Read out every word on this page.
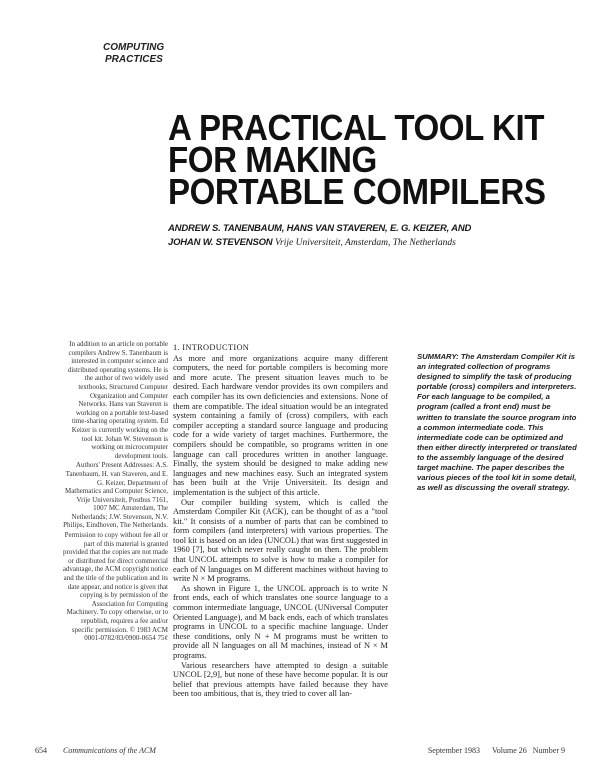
COMPUTING
PRACTICES
A PRACTICAL TOOL KIT
FOR MAKING
PORTABLE COMPILERS
ANDREW S. TANENBAUM, HANS VAN STAVEREN, E. G. KEIZER, AND
JOHAN W. STEVENSON Vrije Universiteit, Amsterdam, The Netherlands

In addition to an article on portable compilers Andrew S. Tanenbaum is interested in computer science and distributed operating systems. He is the author of two widely used textbooks, Structured Computer Organization and Computer Networks. Hans van Staveren is working on a portable text-based time-sharing operating system. Ed Keizer is currently working on the tool kit. Johan W. Stevenson is working on microcomputer development tools.

Authors' Present Addresses: A.S. Tanenbaum, H. van Staveren, and E. G. Keizer, Department of Mathematics and Computer Science, Vrije Universiteit, Postbus 7161, 1007 MC Amsterdam, The Netherlands; J.W. Stevenson, N.V. Philips, Eindhoven, The Netherlands.

Permission to copy without fee all or part of this material is granted provided that the copies are not made or distributed for direct commercial advantage, the ACM copyright notice and the title of the publication and its date appear, and notice is given that copying is by permission of the Association for Computing Machinery. To copy otherwise, or to republish, requires a fee and/or specific permission. © 1983 ACM 0001-0782/83/0900-0654 75¢

1. INTRODUCTION

As more and more organizations acquire many different computers, the need for portable compilers is becoming more and more acute. The present situation leaves much to be desired. Each hardware vendor provides its own compilers and each compiler has its own deficiencies and extensions. None of them are compatible. The ideal situation would be an integrated system containing a family of (cross) compilers, with each compiler accepting a standard source language and producing code for a wide variety of target machines. Furthermore, the compilers should be compatible, so programs written in one language can call procedures written in another language. Finally, the system should be designed to make adding new languages and new machines easy. Such an integrated system has been built at the Vrije Universiteit. Its design and implementation is the subject of this article.

Our compiler building system, which is called the Amsterdam Compiler Kit (ACK), can be thought of as a "tool kit." It consists of a number of parts that can be combined to form compilers (and interpreters) with various properties. The tool kit is based on an idea (UNCOL) that was first suggested in 1960 [7], but which never really caught on then. The problem that UNCOL attempts to solve is how to make a compiler for each of N languages on M different machines without having to write N × M programs.

As shown in Figure 1, the UNCOL approach is to write N front ends, each of which translates one source language to a common intermediate language, UNCOL (UNiversal Computer Oriented Language), and M back ends, each of which translates programs in UNCOL to a specific machine language. Under these conditions, only N + M programs must be written to provide all N languages on all M machines, instead of N × M programs.

Various researchers have attempted to design a suitable UNCOL [2,9], but none of these have become popular. It is our belief that previous attempts have failed because they have been too ambitious, that is, they tried to cover all lan-

SUMMARY: The Amsterdam Compiler Kit is an integrated collection of programs designed to simplify the task of producing portable (cross) compilers and interpreters. For each language to be compiled, a program (called a front end) must be written to translate the source program into a common intermediate code. This intermediate code can be optimized and then either directly interpreted or translated to the assembly language of the desired target machine. The paper describes the various pieces of the tool kit in some detail, as well as discussing the overall strategy.
654 Communications of the ACM	September 1983 Volume 26 Number 9
